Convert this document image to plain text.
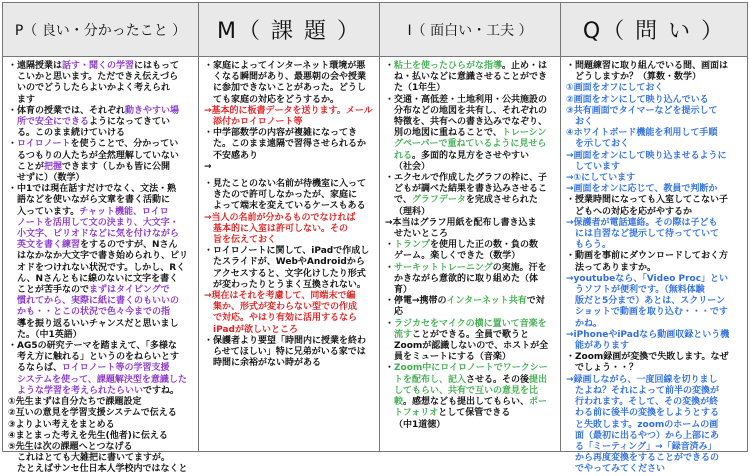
P（ 良い・分かったこと ）

・遠隔授業は話す・聞くの学習にはもって

こいかと思います。ただできえ伝えづら

いのでどうしたらよいかよく考えられ

ます

・体育の授業では、それぞれ動きやすい場

所で安全にできるようになってきてい

る。このまま続けていける

・ロイロノートを使うことで、分かってい

るつもりの人たちが全然理解していない

ことが把握できます（しかも皆に公開

せずに）（数学）

・中1では現在話すだけでなく、文法・熟

語などを使いながら文章を書く活動に

入っています。チャット機能、ロイロ

ノートを活用して文の決まり、大文字・

小文字、ピリオドなどに気を付けながら

英文を書く練習をするのですが、Nさん

はなかなか大文字で書き始められり、ピリ

オドをつけれない状況です。しかし、Rく

ん、Nさんともに線のないに文字を書く

ことが苦手なのでまずはタイピングで

慣れてから、実際に紙に書くのもいいの

かも・・とこの状況で色々今までの指

導を振り返るいいチャンスだと思いまし

た。（中1英語）

・AG5の研究テーマを踏まえて、「多様な

考え方に触れる」というのをねらいとす

るならば、ロイロノート等の学習支援

システムを使って、課題解決型を意識した

ような学習を考えられたらいいですね。

①先生まずは自分たちで課題設定

②互いの意見を学習支援システムで伝える

③よりよい考えをまとめる

④まとまった考えを先生(他者)に伝える

⑤先生は次の課題へとつなげる

これはとても大雑把に書いてますが。

たとえばサンセ仕日本人学校内ではなくと

M（ 課 題 ）

・家庭によってインターネット環境が悪

くなる瞬間があり、最悪朝の会や授業

に参加できないことがあった。どうし

ても家庭の対応をどうするか。

→基本的に板書データを送ります。メール

添付かロイロノート等

・中学部数学の内容が複雑になってき

た。このまま遠隔で習得させられるか

不安感あり

→

・見たことのない名前が待機室に入って

きたので許可しなかったが、家庭に

よって端末を変えているケースもある

→当人の名前が分かるものでなければ

基本的に入室は許可しない。その

旨を伝えておく

・ロイロノートに関して、iPadで作成し

たスライドが、WebやAndroidから

アクセスすると、文字化けしたり形式

が変わったりとうまく互換されない。

→現在はそれを考慮して、同端末で編

集か、形式が変わらない型での作成

で対応。やはり有効に活用するなら

iPadが欲しいところ

・保護者より要望「時間内に授業を終わ

らせてほしい」特に兄弟がいる家では

時間に余裕がない時がある

I（ 面白い・工夫 ）

・粘土を使ったひらがな指導。止め・は

ね・払いなどに意識させることができ

た（1年生）

・交通・高低差・土地利用・公共施設の

分布などの地図を共有し、それぞれの

特徴を、共有への書き込みでなぞり、

別の地図に重ねることで、トレーシン

グペーパーで重ねているように見せら

れる。多面的な見方をさせやすい

（社会）

・エクセルで作成したグラフの枠に、子

どもが調べた結果を書き込みさせるこ

で、グラフデータを完成させられた

（理科）

→本当はグラフ用紙を配布し書き込ま

せたいところ

・トランプを使用した正の数・負の数

ゲーム。楽しくできた（数学）

・サーキットトレーニングの実施。汗を

かきながら意欲的に取り組めた（体

育）

・停電→携帯のインターネット共有で対

応

・ラジカセをマイクの横に置いて音楽を

流すことができる。全員で歌うと

Zoomが認識しないので、ホストが全

員をミュートにする（音楽）

・Zoom中にロイロノートでワークシー

トを配布し、記入させる。その後提出

してもらい、共有で互いの意見を比

較。感想なども提出してもらい、ポー

トフォリオとして保管できる

（中1道徳）

Q（ 問 い ）

・問題練習に取り組んでいる間、画面は

どうしますか？（算数・数学）

①画面をオフにしておく

②画面をオンにして映り込んでいる

③共有画面でタイマーなどを提示して

おく

④ホワイトボード機能を利用して手順

を示しておく

→画面をオンにして映り込ませるように

しています

→①にしています

→画面をオンに応じて、教員で判断か

・授業時間になっても入室してこない子

どもへの対応を応がやするか

→保護者が電話連絡。その際は子ども

には自習など提示して待ってていて

もらう。

・動画を事前にダウンロードしておく方

法ってありますか。

→youtubeなら、「Video Proc」とい

うソフトが便利です。（無料体験

版だと5分まで）あとは、スクリーン

ショットで動画を取り込む・・・です

かね。

→iPhoneやiPadなら動画収録という機

能があります

・Zoom録画が変換で失敗します。なぜ

でしょう・・？

→録画しながら、一度回線を切りまし

たよね？それによって前半の変換が

行われます。そして、その変換が終

わる前に後半の変換をしようとする

と失敗します。zoomのホームの画

面（最初に出るやつ）から上部にあ

る「ミーティング」→「録音済み」

から再度変換をすることができるの

でやってみてください
